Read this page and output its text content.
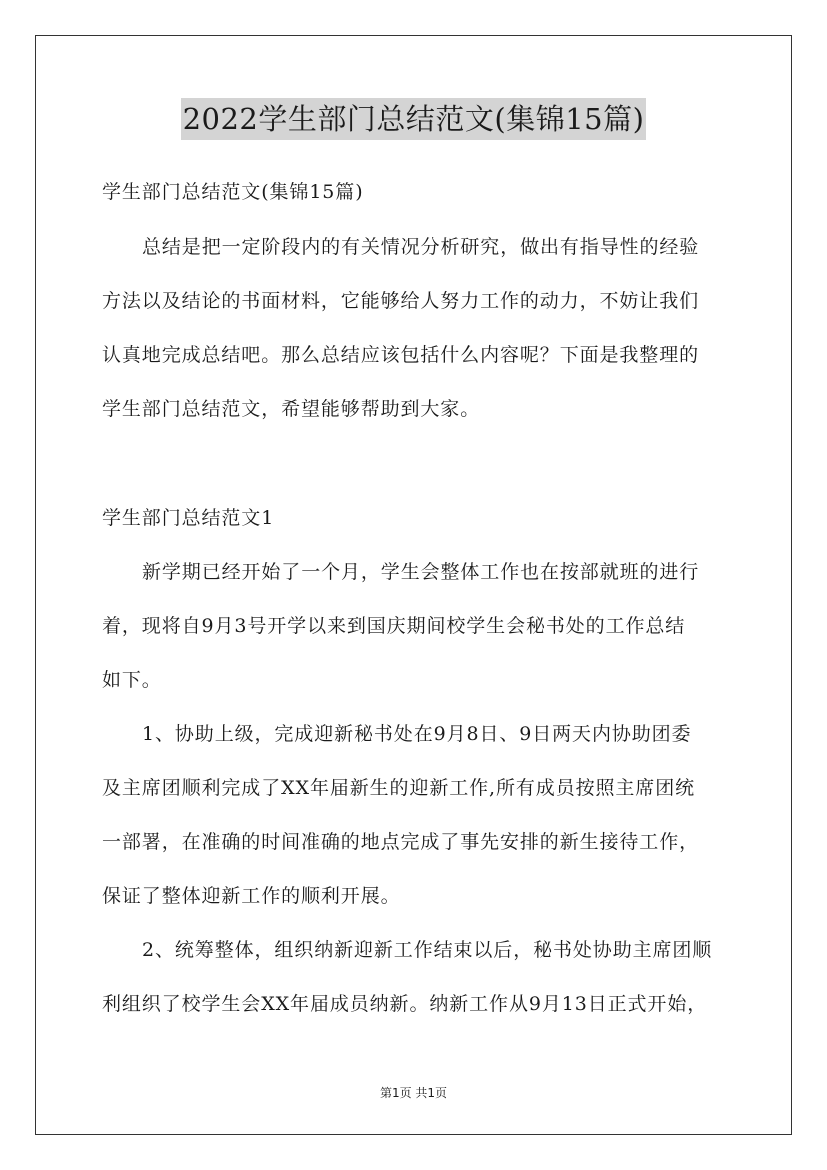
2022学生部门总结范文(集锦15篇)
学生部门总结范文(集锦15篇)
总结是把一定阶段内的有关情况分析研究，做出有指导性的经验
方法以及结论的书面材料，它能够给人努力工作的动力，不妨让我们
认真地完成总结吧。那么总结应该包括什么内容呢？下面是我整理的
学生部门总结范文，希望能够帮助到大家。
学生部门总结范文1
新学期已经开始了一个月，学生会整体工作也在按部就班的进行
着，现将自9月3号开学以来到国庆期间校学生会秘书处的工作总结
如下。
1、协助上级，完成迎新秘书处在9月8日、9日两天内协助团委
及主席团顺利完成了XX年届新生的迎新工作,所有成员按照主席团统
一部署，在准确的时间准确的地点完成了事先安排的新生接待工作，
保证了整体迎新工作的顺利开展。
2、统筹整体，组织纳新迎新工作结束以后，秘书处协助主席团顺
利组织了校学生会XX年届成员纳新。纳新工作从9月13日正式开始，
第1页 共1页
